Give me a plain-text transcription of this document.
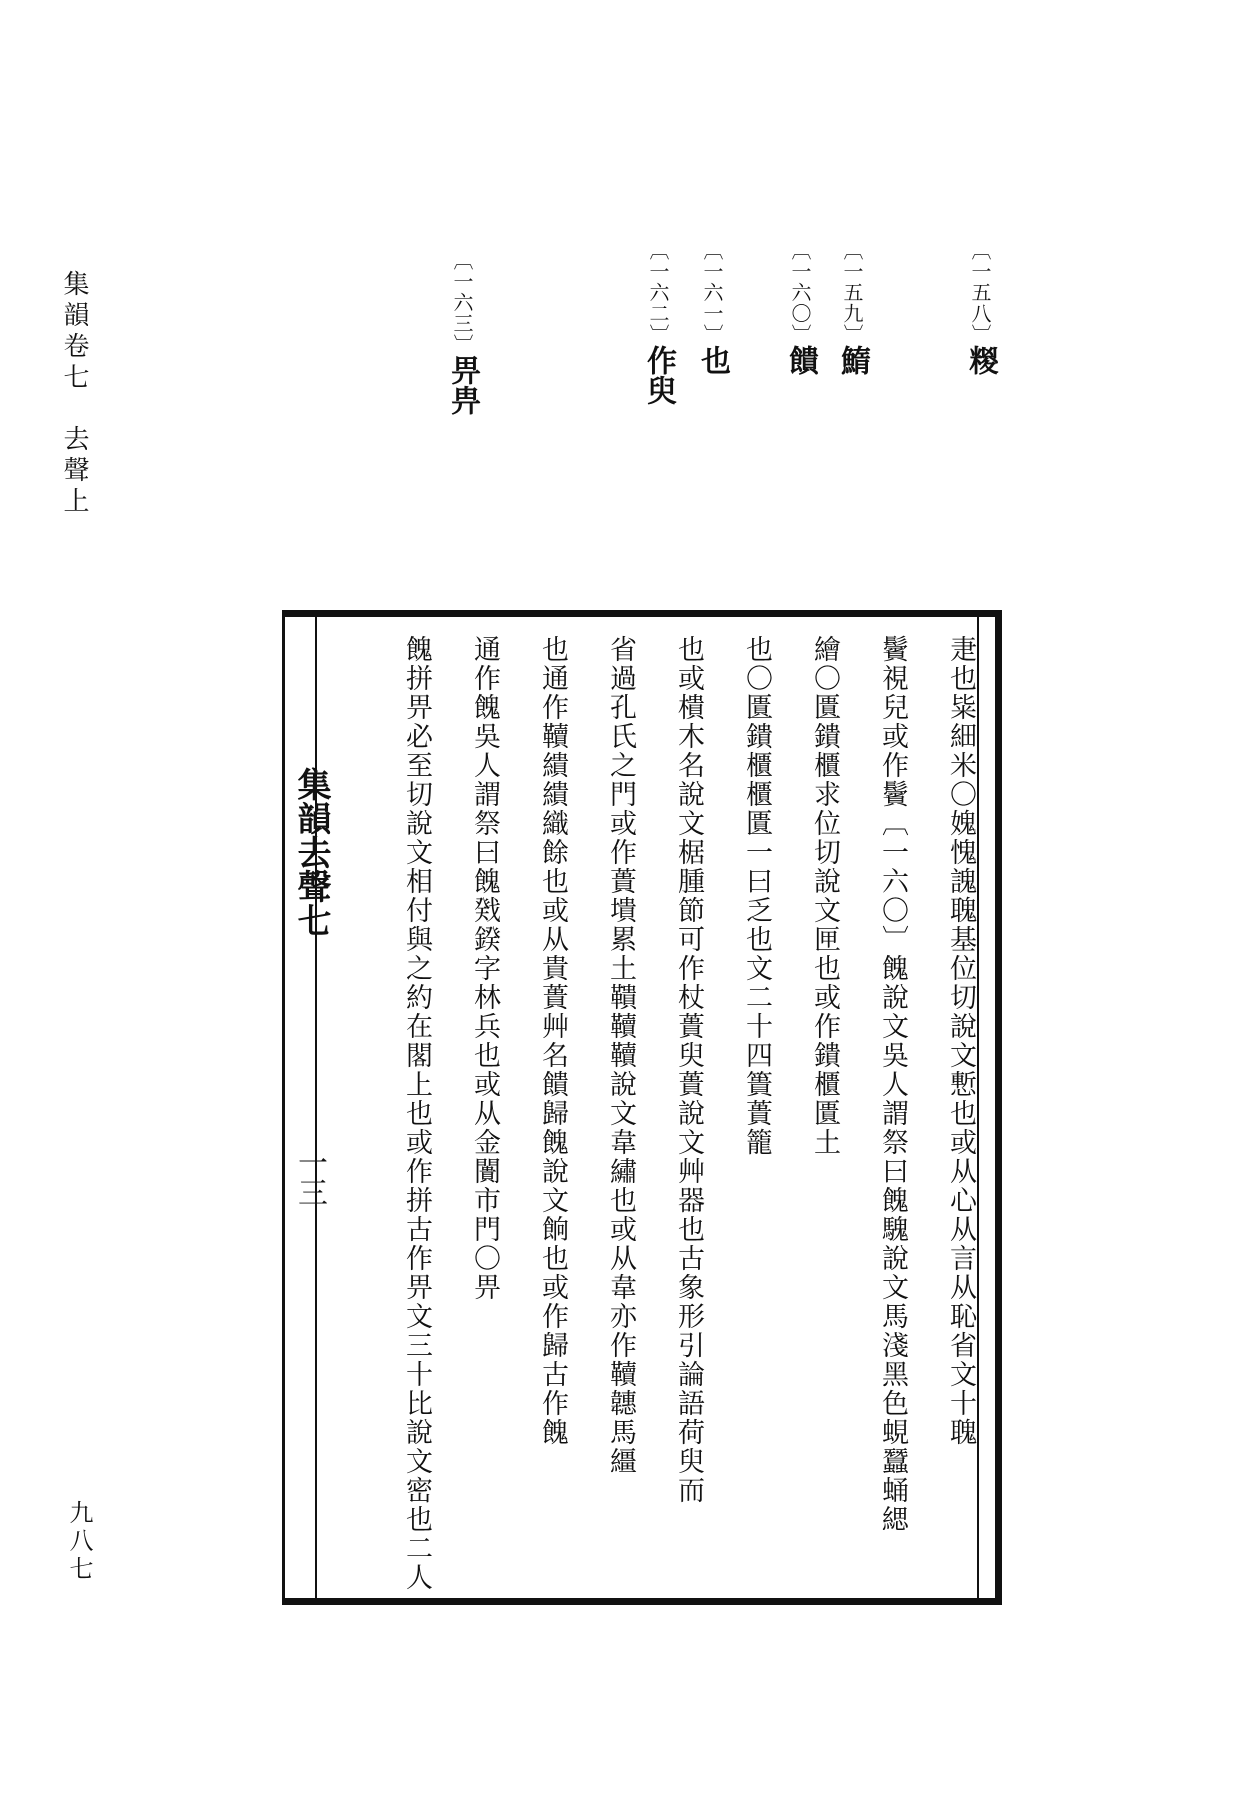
集韻卷七　去聲上
九八七
〔一五八〕糉
〔一五九〕鰖
〔一六〇〕饋
〔一六一〕也
〔一六二〕作臾
〔一六三〕畀畁
集韻去聲七
一三	疌也粊細米〇媿愧謉聭基位切說文慙也或从心从言从恥省文十聭
鬢視兒或作鬢〔一六〇〕餽說文吳人謂祭曰餽騩說文馬淺黑色蜆蠶蛹緦
繪〇匱鐀櫃求位切說文匣也或作鐀櫃匱土
也〇匱鐀櫃櫃匱一曰乏也文二十四簣蕢籠
也或樻木名說文椐腫節可作杖蕢臾蕢說文艸器也古象形引論語荷臾而
省過孔氏之門或作蕢墤累土鞼韇韇說文韋繡也或从韋亦作韇韢馬繮
也通作韇繢繢織餘也或从貴蕢艸名饋歸餽說文餉也或作歸古作餽
通作餽吳人謂祭曰餽戣鍨字林兵也或从金闠市門〇畀
餽拼畀必至切說文相付與之約在閣上也或作拼古作畀文三十比說文密也二人
